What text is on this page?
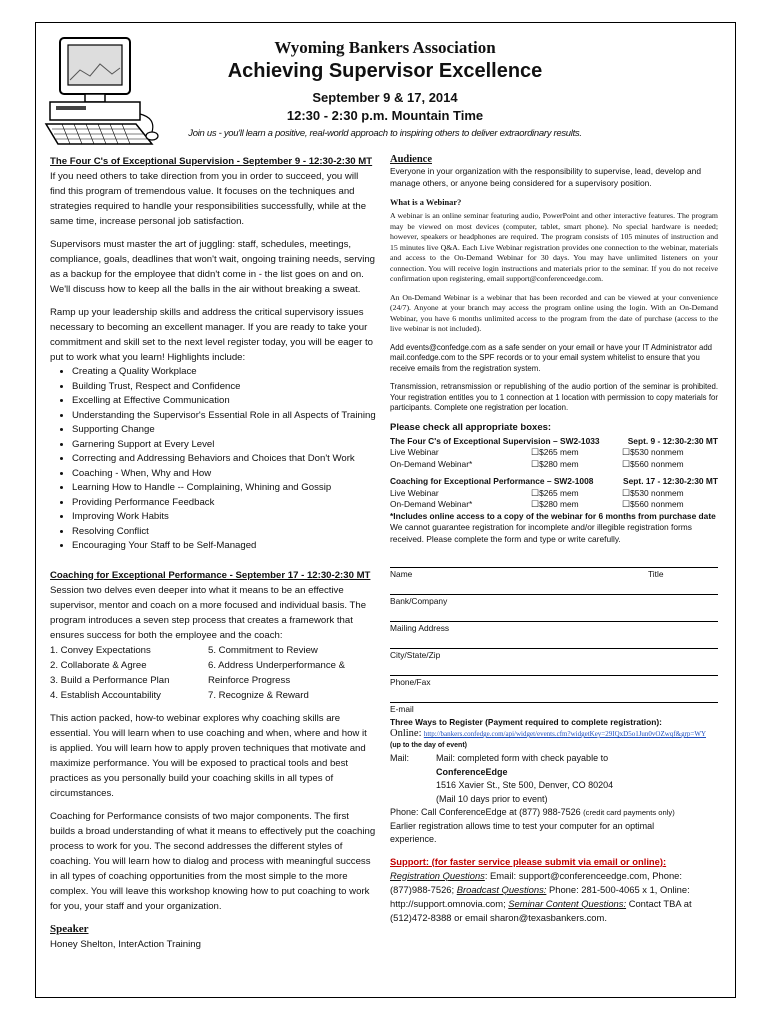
Wyoming Bankers Association
Achieving Supervisor Excellence
September 9 & 17, 2014
12:30 - 2:30 p.m. Mountain Time
Join us - you'll learn a positive, real-world approach to inspiring others to deliver extraordinary results.
The Four C's of Exceptional Supervision - September 9 - 12:30-2:30 MT

If you need others to take direction from you in order to succeed, you will find this program of tremendous value. It focuses on the techniques and strategies required to handle your responsibilities successfully, while at the same time, increase personal job satisfaction.

Supervisors must master the art of juggling: staff, schedules, meetings, compliance, goals, deadlines that won't wait, ongoing training needs, serving as a backup for the employee that didn't come in - the list goes on and on. We'll discuss how to keep all the balls in the air without breaking a sweat.

Ramp up your leadership skills and address the critical supervisory issues necessary to becoming an excellent manager. If you are ready to take your commitment and skill set to the next level register today, you will be eager to put to work what you learn! Highlights include:

• Creating a Quality Workplace
• Building Trust, Respect and Confidence
• Excelling at Effective Communication
• Understanding the Supervisor's Essential Role in all Aspects of Training
• Supporting Change
• Garnering Support at Every Level
• Correcting and Addressing Behaviors and Choices that Don't Work
• Coaching - When, Why and How
• Learning How to Handle -- Complaining, Whining and Gossip
• Providing Performance Feedback
• Improving Work Habits
• Resolving Conflict
• Encouraging Your Staff to be Self-Managed
Coaching for Exceptional Performance - September 17 - 12:30-2:30 MT

Session two delves even deeper into what it means to be an effective supervisor, mentor and coach on a more focused and individual basis. The program introduces a seven step process that creates a framework that ensures success for both the employee and the coach:

1. Convey Expectations
2. Collaborate & Agree
3. Build a Performance Plan
4. Establish Accountability
5. Commitment to Review
6. Address Underperformance & Reinforce Progress
7. Recognize & Reward

This action packed, how-to webinar explores why coaching skills are essential. You will learn when to use coaching and when, where and how it is applied. You will learn how to apply proven techniques that motivate and maximize performance. You will be exposed to practical tools and best practices as you personally build your coaching skills in all types of circumstances.

Coaching for Performance consists of two major components. The first builds a broad understanding of what it means to effectively put the coaching process to work for you. The second addresses the different styles of coaching. You will learn how to dialog and process with meaningful success in all types of coaching opportunities from the most simple to the more complex. You will leave this workshop knowing how to put coaching to work for you, your staff and your organization.

Speaker
Honey Shelton, InterAction Training
Audience

Everyone in your organization with the responsibility to supervise, lead, develop and manage others, or anyone being considered for a supervisory position.

What is a Webinar?

A webinar is an online seminar featuring audio, PowerPoint and other interactive features. The program may be viewed on most devices (computer, tablet, smart phone). No special hardware is needed; however, speakers or headphones are required. The program consists of 105 minutes of instruction and 15 minutes live Q&A. Each Live Webinar registration provides one connection to the webinar, materials and access to the On-Demand Webinar for 30 days. You may have unlimited listeners on your connection. You will receive login instructions and materials prior to the seminar. If you do not receive confirmation upon registering, email support@conferenceedge.com.

An On-Demand Webinar is a webinar that has been recorded and can be viewed at your convenience (24/7). Anyone at your branch may access the program online using the login. With an On-Demand Webinar, you have 6 months unlimited access to the program from the date of purchase (access to the live webinar is not included).

Add events@confedge.com as a safe sender on your email or have your IT Administrator add mail.confedge.com to the SPF records or to your email system whitelist to ensure that you receive emails from the registration system.

Transmission, retransmission or republishing of the audio portion of the seminar is prohibited. Your registration entitles you to 1 connection at 1 location with permission to copy materials for participants. Complete one registration per location.

Please check all appropriate boxes:
The Four C's of Exceptional Supervision – SW2-1033	Sept. 9 - 12:30-2:30 MT
Live Webinar	☐$265 mem	☐$530 nonmem
On-Demand Webinar*	☐$280 mem	☐$560 nonmem
Coaching for Exceptional Performance – SW2-1008	Sept. 17 - 12:30-2:30 MT
Live Webinar	☐$265 mem	☐$530 nonmem
On-Demand Webinar*	☐$280 mem	☐$560 nonmem
*Includes online access to a copy of the webinar for 6 months from purchase date
We cannot guarantee registration for incomplete and/or illegible registration forms received. Please complete the form and type or write carefully.
Name	Title
Bank/Company
Mailing Address
City/State/Zip
Phone/Fax
E-mail
Three Ways to Register (Payment required to complete registration):
Online: http://bankers.confedge.com/api/widget/events.cfm?widgetKey=29IQxD5o1Jun0vOZwqf&grp=WY (up to the day of event)
Mail:	Mail: completed form with check payable to
ConferenceEdge
1516 Xavier St., Ste 500, Denver, CO 80204
(Mail 10 days prior to event)
Phone: Call ConferenceEdge at (877) 988-7526 (credit card payments only)
Earlier registration allows time to test your computer for an optimal experience.
Support: (for faster service please submit via email or online):
Registration Questions: Email: support@conferenceedge.com, Phone: (877)988-7526; Broadcast Questions: Phone: 281-500-4065 x 1, Online: http://support.omnovia.com; Seminar Content Questions: Contact TBA at (512)472-8388 or email sharon@texasbankers.com.
